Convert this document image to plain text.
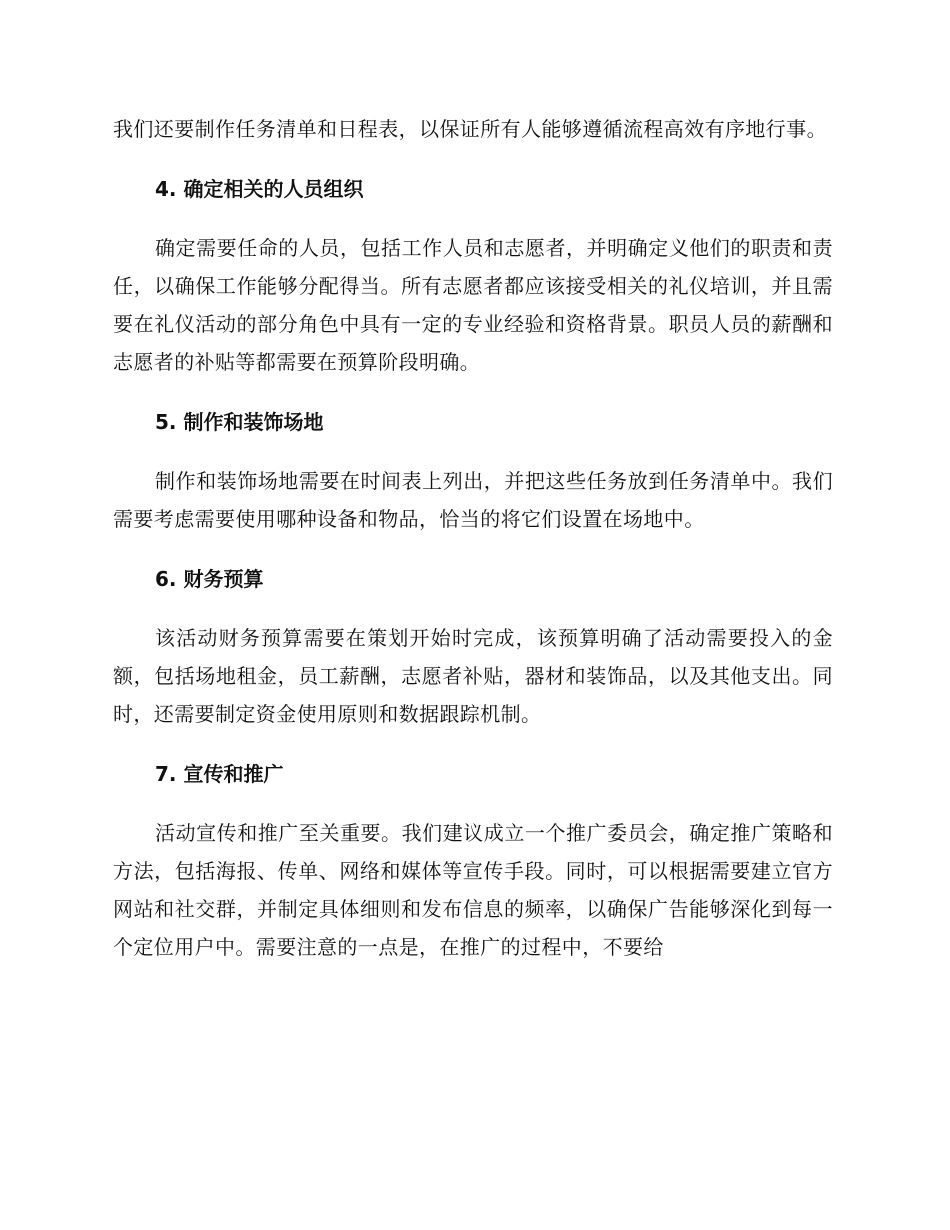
我们还要制作任务清单和日程表，以保证所有人能够遵循流程高效有序地行事。

4. 确定相关的人员组织

确定需要任命的人员，包括工作人员和志愿者，并明确定义他们的职责和责任，以确保工作能够分配得当。所有志愿者都应该接受相关的礼仪培训，并且需要在礼仪活动的部分角色中具有一定的专业经验和资格背景。职员人员的薪酬和志愿者的补贴等都需要在预算阶段明确。

5. 制作和装饰场地

制作和装饰场地需要在时间表上列出，并把这些任务放到任务清单中。我们需要考虑需要使用哪种设备和物品，恰当的将它们设置在场地中。

6. 财务预算

该活动财务预算需要在策划开始时完成，该预算明确了活动需要投入的金额，包括场地租金，员工薪酬，志愿者补贴，器材和装饰品，以及其他支出。同时，还需要制定资金使用原则和数据跟踪机制。

7. 宣传和推广

活动宣传和推广至关重要。我们建议成立一个推广委员会，确定推广策略和方法，包括海报、传单、网络和媒体等宣传手段。同时，可以根据需要建立官方网站和社交群，并制定具体细则和发布信息的频率，以确保广告能够深化到每一个定位用户中。需要注意的一点是，在推广的过程中，不要给
